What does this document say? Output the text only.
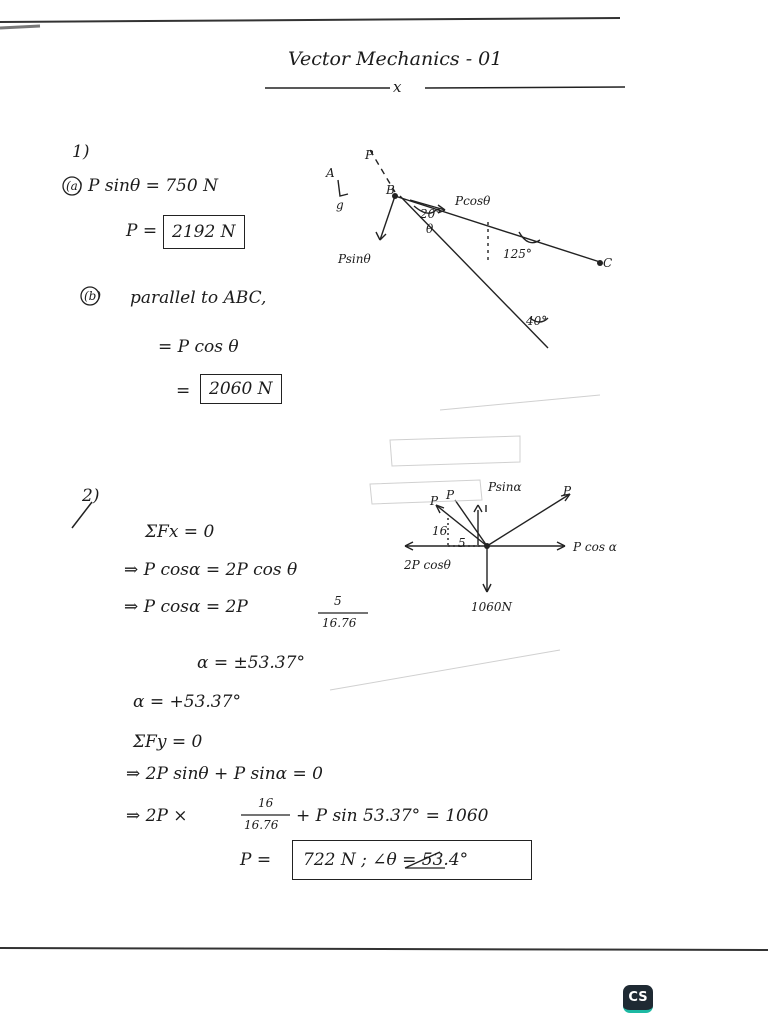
Vector Mechanics - 01
x
1)
(a) P sinθ = 750 N
P = 2192 N
(b) parallel to ABC,
= P cos θ
=	2060 N
A
P
B
C
Pcosθ
Psinθ
θ
g
20°
125°
40°
2)
ΣFx = 0
⇒ P cosα = 2P cos θ
⇒ P cosα = 2P	5
16.76
α = ±53.37°
α = +53.37°
ΣFy = 0
⇒ 2P sinθ + P sinα = 0
⇒ 2P ×
16
16.76 + P sin 53.37° = 1060
P =	722 N ; ∠θ = 53.4°
Psinα
P cos α
2P cosθ
1060N
16
5
P
P
P
CS
